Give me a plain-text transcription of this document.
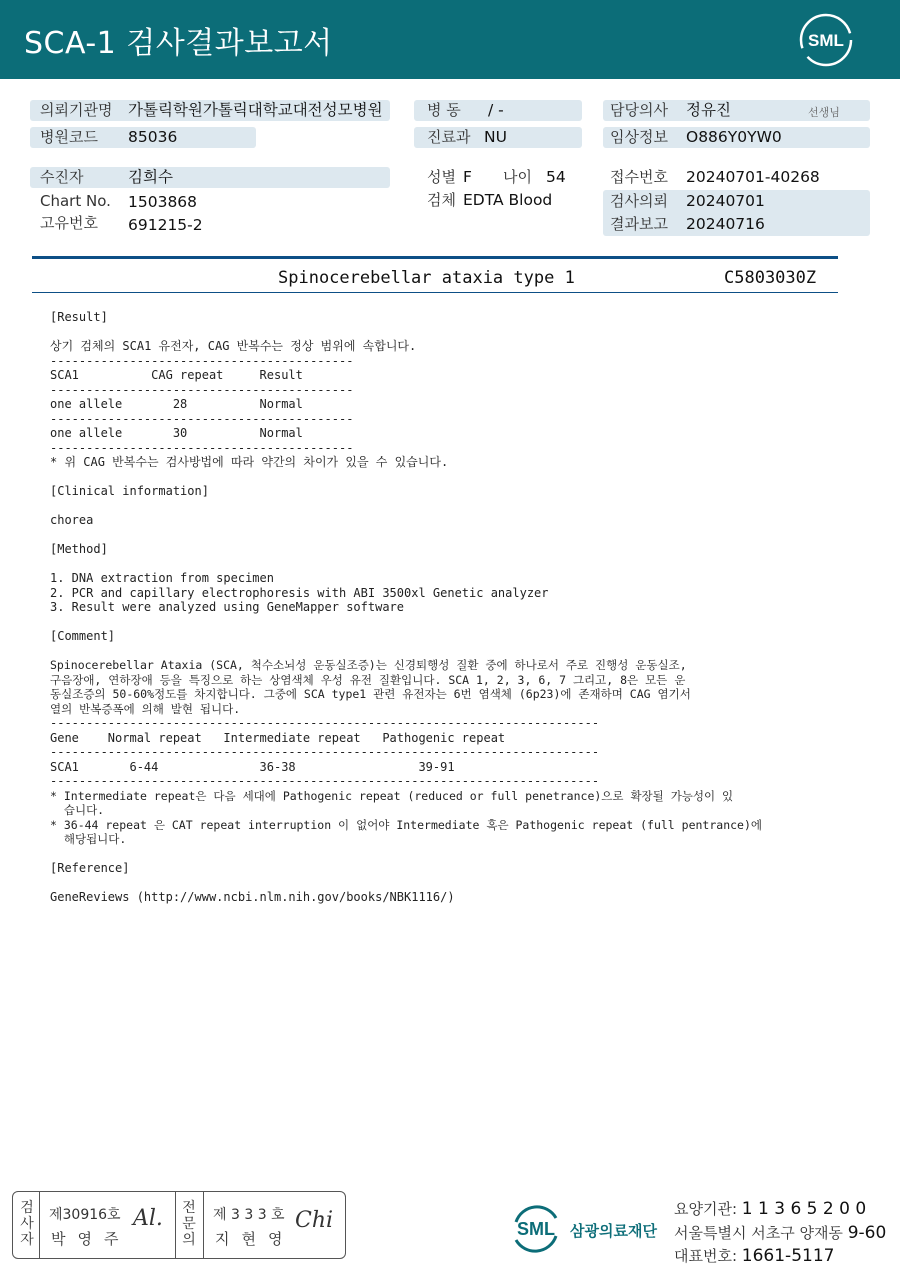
SCA-1 검사결과보고서	SML
의뢰기관명 가톨릭학원가톨릭대학교대전성모병원
병원코드 85036
병 동 / -
진료과 NU
담당의사 정유진	선생님
임상정보 O886Y0YW0
수진자	김희수
Chart No. 1503868
고유번호 691215-2
성별 F 나이 54
검체 EDTA Blood
접수번호 20240701-40268
검사의뢰 20240701
결과보고 20240716
Spinocerebellar ataxia type 1	C5803030Z
[Result]
상기 검체의 SCA1 유전자, CAG 반복수는 정상 범위에 속합니다.
------------------------------------------
SCA1          CAG repeat     Result
------------------------------------------
one allele       28          Normal
------------------------------------------
one allele       30          Normal
------------------------------------------
* 위 CAG 반복수는 검사방법에 따라 약간의 차이가 있을 수 있습니다.
[Clinical information]
chorea
[Method]
1. DNA extraction from specimen
2. PCR and capillary electrophoresis with ABI 3500xl Genetic analyzer
3. Result were analyzed using GeneMapper software
[Comment]
Spinocerebellar Ataxia (SCA, 척수소뇌성 운동실조증)는 신경퇴행성 질환 중에 하나로서 주로 진행성 운동실조,
구음장애, 연하장애 등을 특징으로 하는 상염색체 우성 유전 질환입니다. SCA 1, 2, 3, 6, 7 그리고, 8은 모든 운
동실조증의 50-60%정도를 차지합니다. 그중에 SCA type1 관련 유전자는 6번 염색체 (6p23)에 존재하며 CAG 염기서
열의 반복증폭에 의해 발현 됩니다.
----------------------------------------------------------------------------
Gene    Normal repeat   Intermediate repeat   Pathogenic repeat
----------------------------------------------------------------------------
SCA1       6-44              36-38                 39-91
----------------------------------------------------------------------------
* Intermediate repeat은 다음 세대에 Pathogenic repeat (reduced or full penetrance)으로 확장될 가능성이 있
습니다.
* 36-44 repeat 은 CAT repeat interruption 이 없어야 Intermediate 혹은 Pathogenic repeat (full pentrance)에
해당됩니다.
[Reference]
GeneReviews (http://www.ncbi.nlm.nih.gov/books/NBK1116/)
검사자
제30916호
박영주
Al. 전문의
제 3 3 3 호
지현영
Chi	SML 삼광의료재단
요양기관: 1 1 3 6 5 2 0 0
서울특별시 서초구 양재동 9-60
대표번호: 1661-5117
